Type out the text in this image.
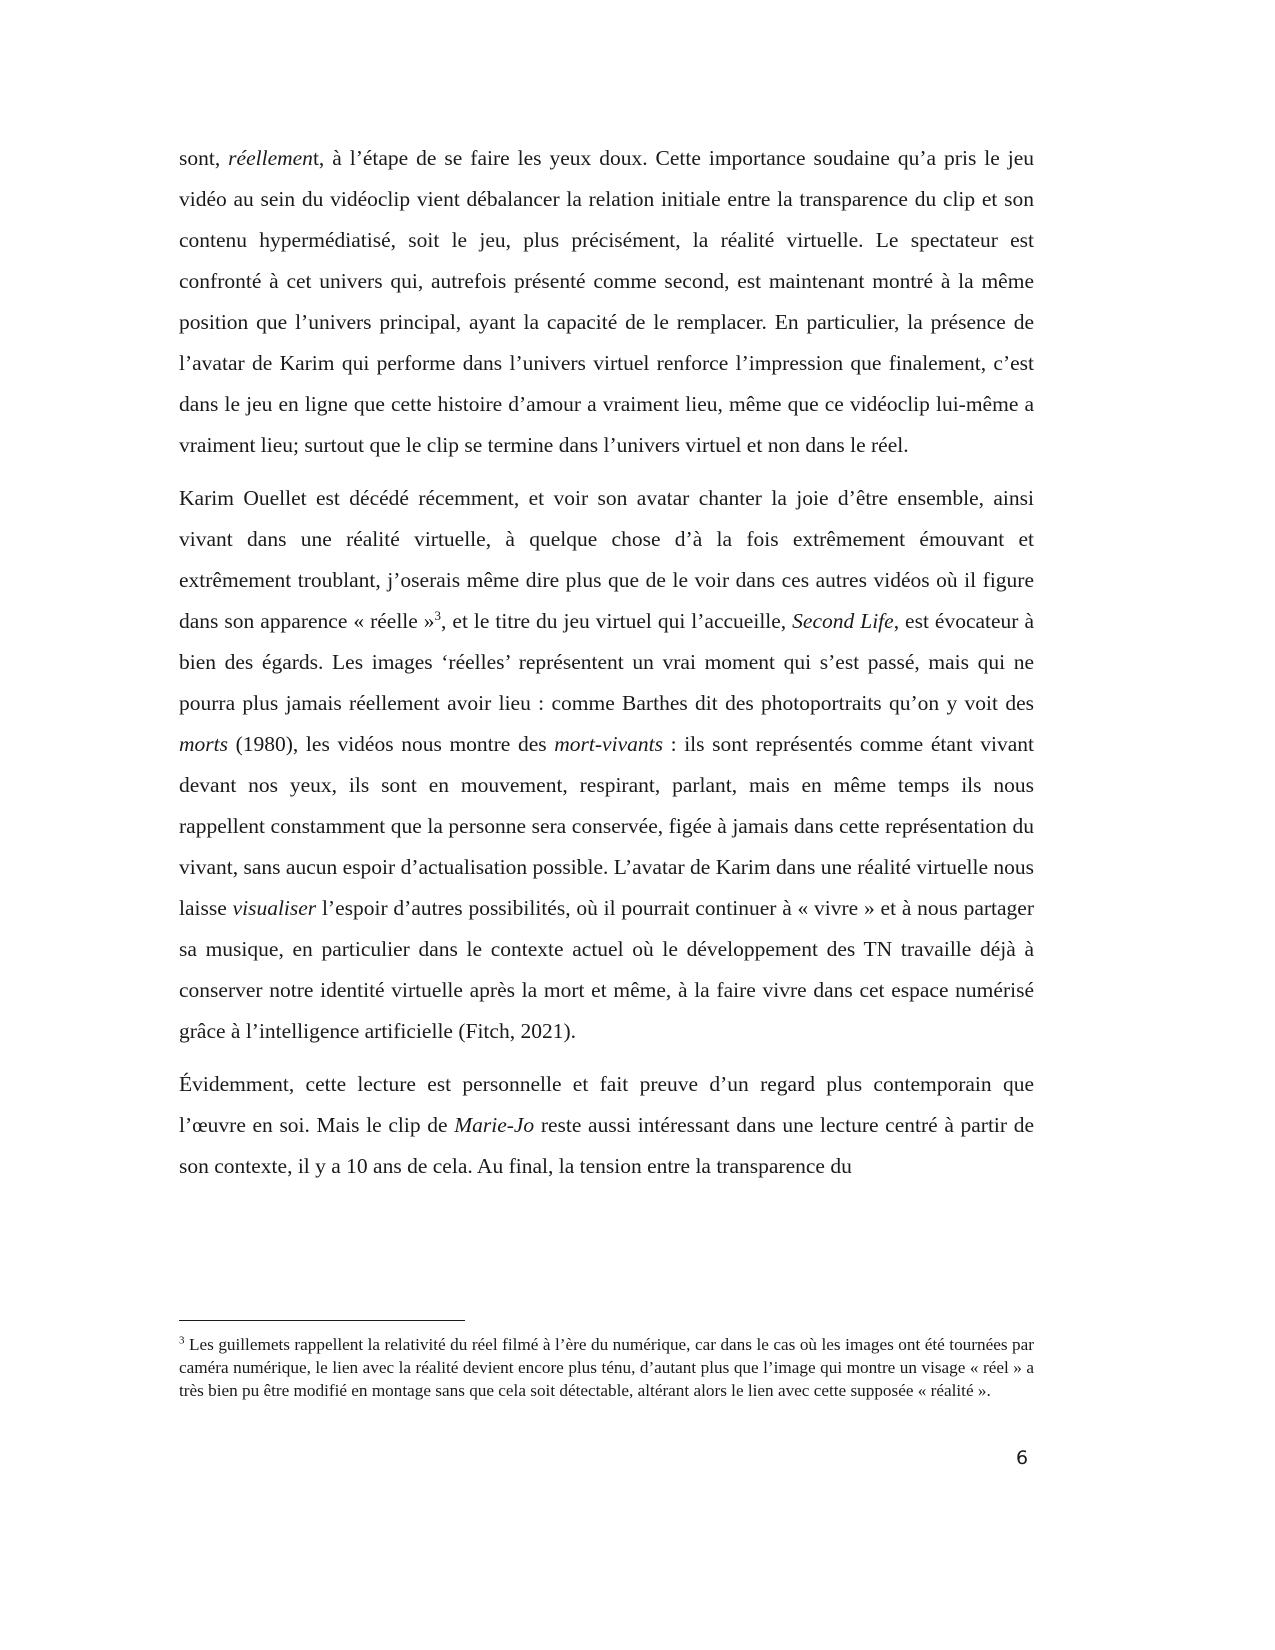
sont, réellement, à l’étape de se faire les yeux doux. Cette importance soudaine qu’a pris le jeu vidéo au sein du vidéoclip vient débalancer la relation initiale entre la transparence du clip et son contenu hypermédiatisé, soit le jeu, plus précisément, la réalité virtuelle. Le spectateur est confronté à cet univers qui, autrefois présenté comme second, est maintenant montré à la même position que l’univers principal, ayant la capacité de le remplacer. En particulier, la présence de l’avatar de Karim qui performe dans l’univers virtuel renforce l’impression que finalement, c’est dans le jeu en ligne que cette histoire d’amour a vraiment lieu, même que ce vidéoclip lui-même a vraiment lieu; surtout que le clip se termine dans l’univers virtuel et non dans le réel.

Karim Ouellet est décédé récemment, et voir son avatar chanter la joie d’être ensemble, ainsi vivant dans une réalité virtuelle, à quelque chose d’à la fois extrêmement émouvant et extrêmement troublant, j’oserais même dire plus que de le voir dans ces autres vidéos où il figure dans son apparence « réelle »$^3$, et le titre du jeu virtuel qui l’accueille, Second Life, est évocateur à bien des égards. Les images ‘réelles’ représentent un vrai moment qui s’est passé, mais qui ne pourra plus jamais réellement avoir lieu : comme Barthes dit des photoportraits qu’on y voit des morts (1980), les vidéos nous montre des mort-vivants : ils sont représentés comme étant vivant devant nos yeux, ils sont en mouvement, respirant, parlant, mais en même temps ils nous rappellent constamment que la personne sera conservée, figée à jamais dans cette représentation du vivant, sans aucun espoir d’actualisation possible. L’avatar de Karim dans une réalité virtuelle nous laisse visualiser l’espoir d’autres possibilités, où il pourrait continuer à « vivre » et à nous partager sa musique, en particulier dans le contexte actuel où le développement des TN travaille déjà à conserver notre identité virtuelle après la mort et même, à la faire vivre dans cet espace numérisé grâce à l’intelligence artificielle (Fitch, 2021).

Évidemment, cette lecture est personnelle et fait preuve d’un regard plus contemporain que l’œuvre en soi. Mais le clip de Marie-Jo reste aussi intéressant dans une lecture centré à partir de son contexte, il y a 10 ans de cela. Au final, la tension entre la transparence du

$^3$ Les guillemets rappellent la relativité du réel filmé à l’ère du numérique, car dans le cas où les images ont été tournées par caméra numérique, le lien avec la réalité devient encore plus ténu, d’autant plus que l’image qui montre un visage « réel » a très bien pu être modifié en montage sans que cela soit détectable, altérant alors le lien avec cette supposée « réalité ».

6
